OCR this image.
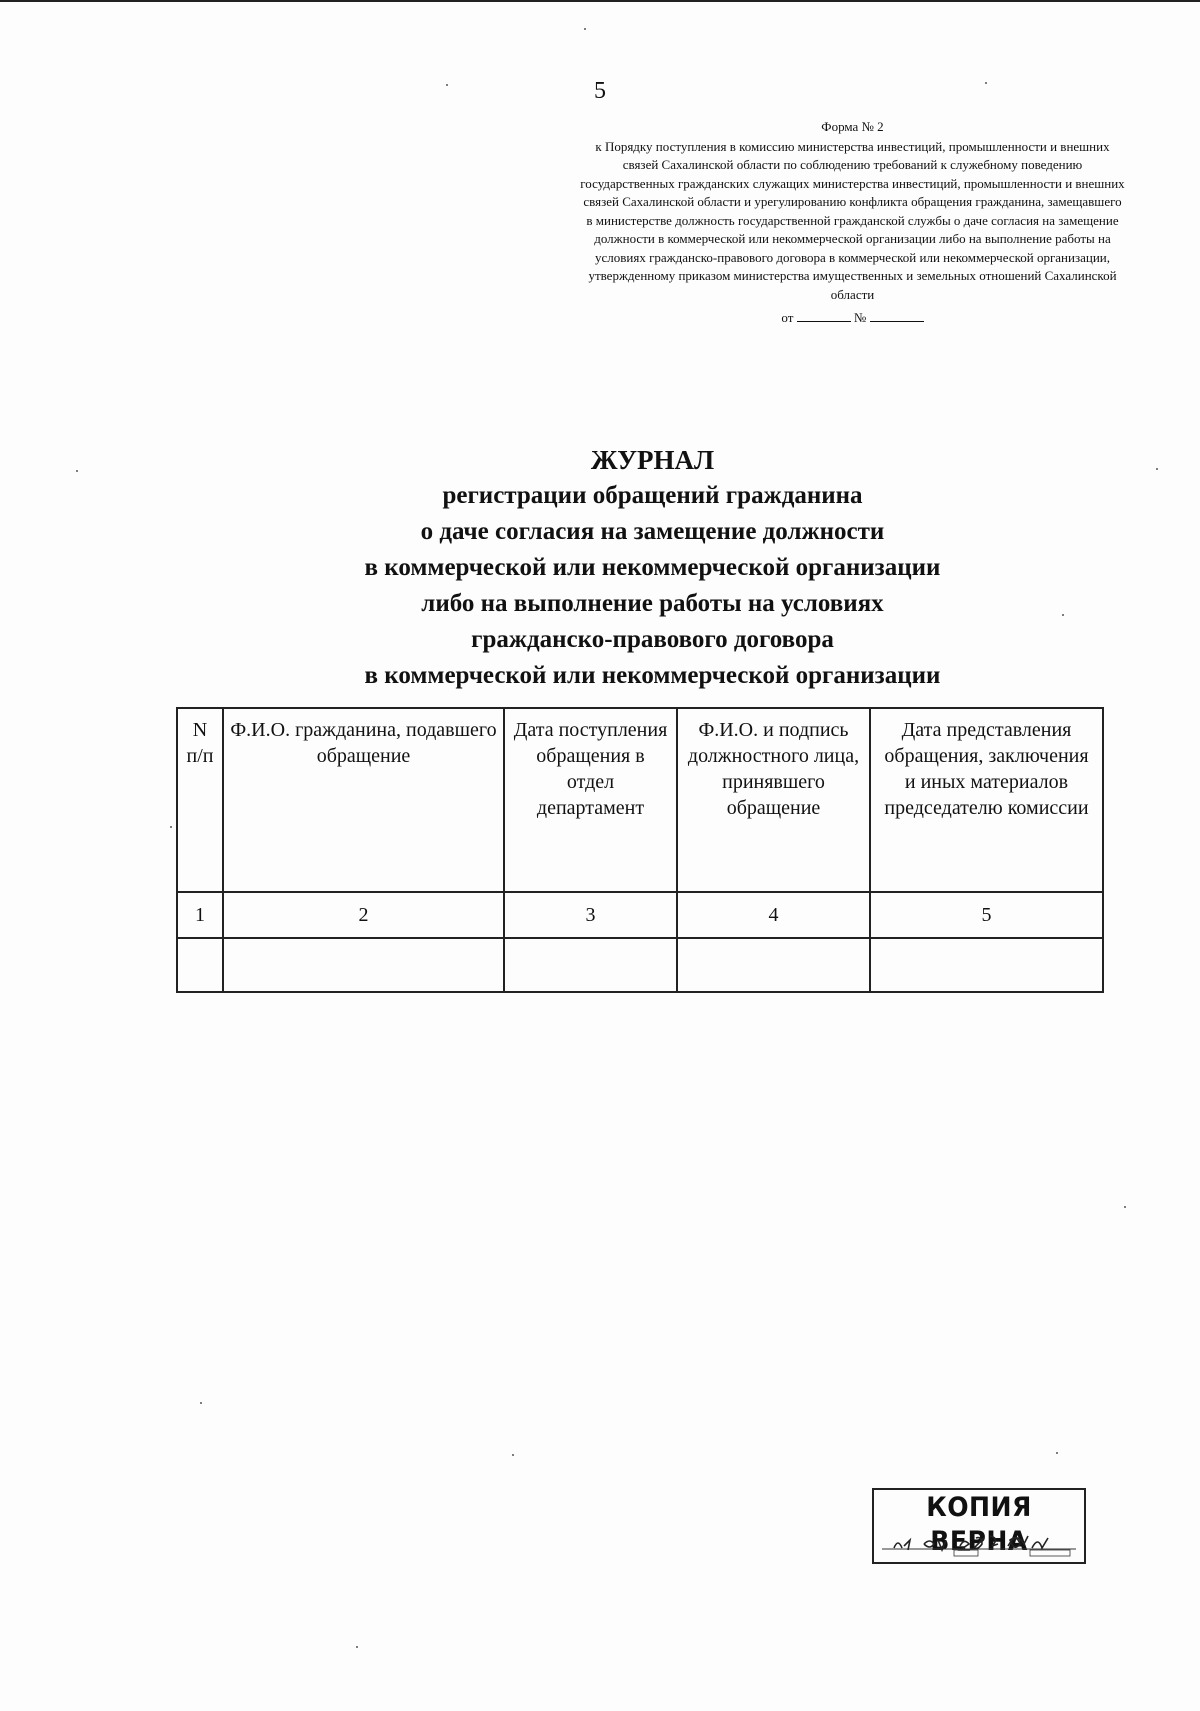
5
Форма № 2
к Порядку поступления в комиссию министерства инвестиций, промышленности и внешних связей Сахалинской области по соблюдению требований к служебному поведению государственных гражданских служащих министерства инвестиций, промышленности и внешних связей Сахалинской области и урегулированию конфликта обращения гражданина, замещавшего в министерстве должность государственной гражданской службы о даче согласия на замещение должности в коммерческой или некоммерческой организации либо на выполнение работы на условиях гражданско-правового договора в коммерческой или некоммерческой организации, утвержденному приказом министерства имущественных и земельных отношений Сахалинской области
от	№
ЖУРНАЛ
регистрации обращений гражданина
о даче согласия на замещение должности
в коммерческой или некоммерческой организации
либо на выполнение работы на условиях
гражданско-правового договора
в коммерческой или некоммерческой организации
N п/п	Ф.И.О. гражданина, подавшего обращение	Дата поступления обращения в отдел департамент	Ф.И.О. и подпись должностного лица, принявшего обращение	Дата представления обращения, заключения и иных материалов председателю комиссии
1	2	3	4	5

КОПИЯ ВЕРНА
